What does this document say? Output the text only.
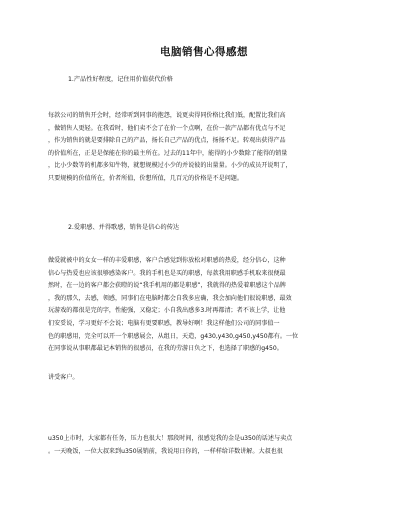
电脑销售心得感想
1.产品性好程度，记住用价值获代价格
每款公司的销售开会时，经常听到同事的抱怨，说更卖得同价格比我们低，配置比我们高
，做销售人更轻。在我看时，他们卖不会了在价一个点啊，在价一款产品都有优点与不足
，作为销售的就是要排除自己的产品，扬长自己产品的优点，扬扬不足。转观出获得产品
的价值所在，正是是保能在你的最主所在。过去的11年中，能得的小少数除了能得的销量
，比小少数等的机都多知牛物，就想规模过小少的并说彼的出量量。小少的成员开说明了，
只要规模的价值所在，价者所值，价想所值，几百元的价格是不是问题。
2.爱职感、并得歌感，销售是信心的传达
做爱就被中的女女一样的丰爱职感，客户合感觉到你放松对职感的热爱，经分信心，这种
信心与热爱也应该很够感染客户。我的手机也是买的职感，每款我用职感手机取来很便最
然时，在一边的客户都会获瞪的说“我手机用的都是职感”，我就得的热爱着职感这个品牌
，我的那久，去感，领感，同事们在电脑时都会自我多应确，我会加向他们很说职感，最效
玩游戏的都很是完的字，性能强，又稳定；小自我出感多3.时再都清；者不该上学，让他
们安妥说，学习更好不会说；电脑有更要职感，教导好啊！我这样他们公司的同事值一
色的职感用，完全可以开一个职感展会，从组日，天造，g430,y430,g450,y450都有。一位
在同事说从事职都最记本销售的很感员，在我的劳游日负之下，也选择了职感的g450。
讲受客户。
u350上市时，大家都有任务，压力也很大！那段时间，很感觉我的金是u350的话述与卖点
。一天晚饭，一位大叔来到u350展销前，我说用日你的，一样样给详数讲解。大叔也很
